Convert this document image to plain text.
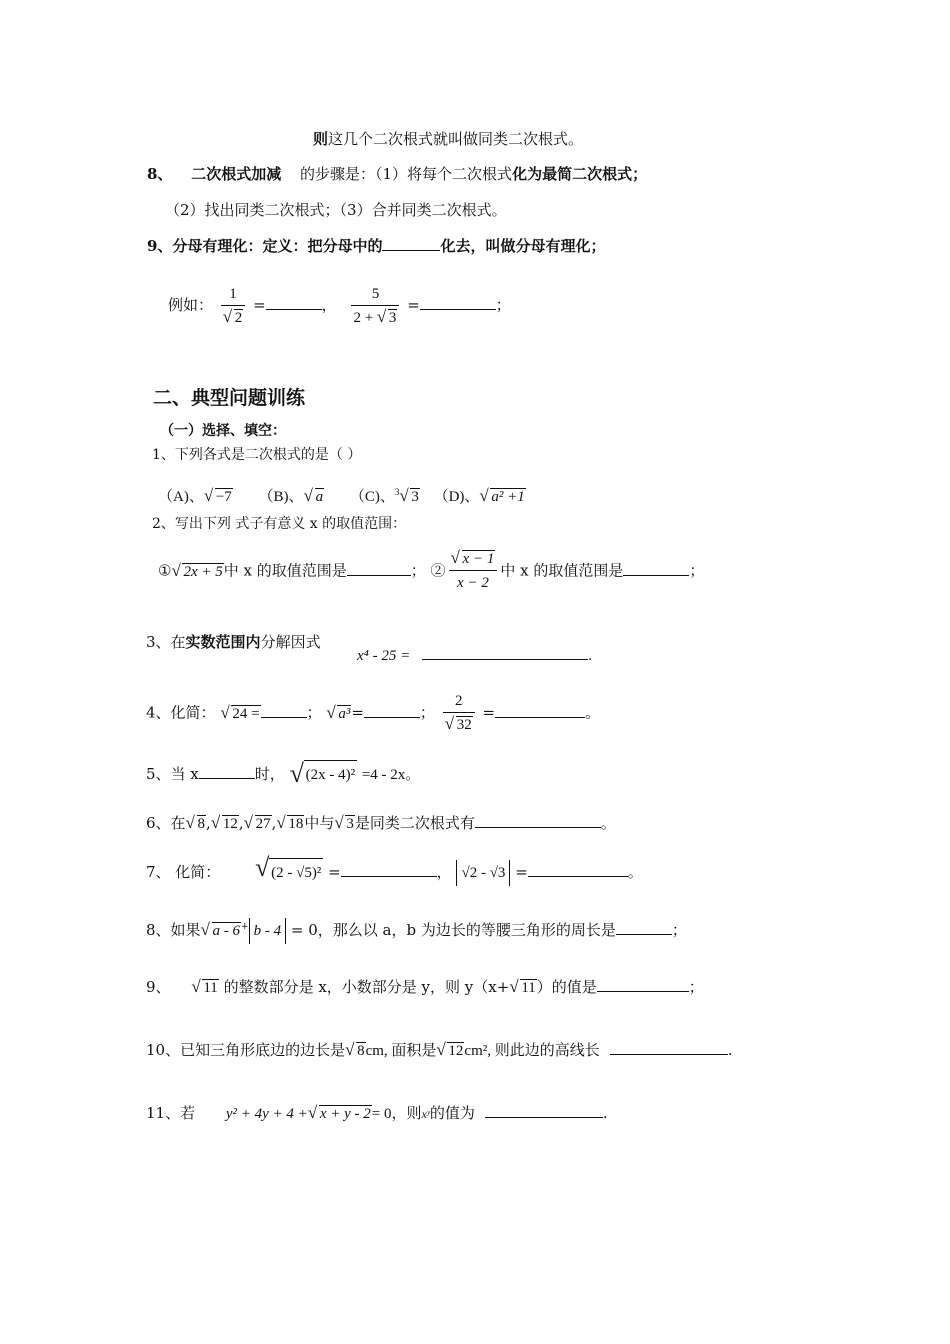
则这几个二次根式就叫做同类二次根式。
8、 二次根式加减 的步骤是：（1）将每个二次根式化为最简二次根式；
（2）找出同类二次根式；（3）合并同类二次根式。
9、分母有理化：定义：把分母中的	化去，叫做分母有理化；
例如： 1
√ 2 =	， $\frac{5}{2 + √ 3}$ =	；
二、典型问题训练
（一）选择、填空：
1、下列各式是二次根式的是（ ）
（A)、 √ −7 （B)、 √ a （C)、$^3$ √ 3 （D)、 √ a² +1
2、写出下列 式子有意义 x 的取值范围：
① √ 2x + 5中 x 的取值范围是	； ② √ $\frac{x - 1}{x - 2}$ 中 x 的取值范围是	；
3、在实数范围内分解因式
x⁴ - 25 =	.
4、化简： √ 24 =	； √ a³=	； 2
√ 32 =	。
5、当 x	时， √ (2x - 4)² =4 - 2x。
6、在 √ 8, √ 12, √ 27, √ 18中与 √ 3是同类二次根式有	。
7、 化简：	√ (2 - √5)² =	， √2 - √3 =	。
8、如果 √ a - 6+ b - 4 = 0，那么以 a，b 为边长的等腰三角形的周长是	；
9、 √ 11 的整数部分是 x，小数部分是 y，则 y（x+ √ 11）的值是	；
10、已知三角形底边的边长是 √ 8cm, 面积是 √ 12cm², 则此边的高线长	.
11、若 y² + 4y + 4 + √ x + y - 2= 0，则xʸ的值为	.
